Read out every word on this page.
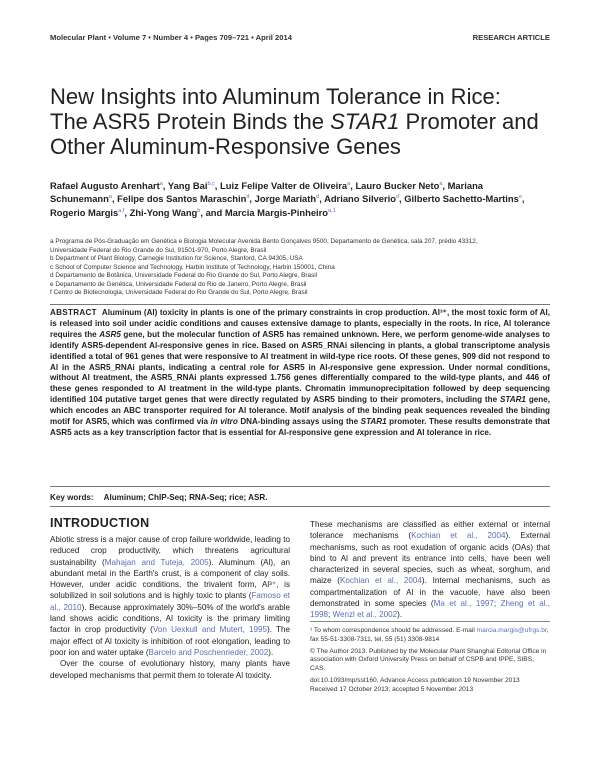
Molecular Plant • Volume 7 • Number 4 • Pages 709–721 • April 2014	RESEARCH ARTICLE
New Insights into Aluminum Tolerance in Rice:
The ASR5 Protein Binds the STAR1 Promoter and
Other Aluminum-Responsive Genes
Rafael Augusto Arenhart$^a$, Yang Bai$^{b,c}$, Luiz Felipe Valter de Oliveira$^a$, Lauro Bucker Neto$^a$, Mariana Schunemann$^a$, Felipe dos Santos Maraschin$^d$, Jorge Mariath$^d$, Adriano Silverio$^d$, Gilberto Sachetto-Martins$^e$, Rogerio Margis$^{a,f}$, Zhi-Yong Wang$^b$, and Marcia Margis-Pinheiro$^{a,1}$
a Programa de Pós-Graduação em Genética e Biologia Molecular Avenida Bento Gonçalves 9500, Departamento de Genética, sala 207, prédio 43312,
Universidade Federal do Rio Grande do Sul, 91501-970, Porto Alegre, Brasil
b Department of Plant Biology, Carnegie Institution for Science, Stanford, CA 94305, USA
c School of Computer Science and Technology, Harbin Institute of Technology, Harbin 150001, China
d Departamento de Botânica, Universidade Federal do Rio Grande do Sul, Porto Alegre, Brasil
e Departamento de Genética, Universidade Federal do Rio de Janeiro, Porto Alegre, Brasil
f Centro de Biotecnologia, Universidade Federal do Rio Grande do Sul, Porto Alegre, Brasil
ABSTRACT Aluminum (Al) toxicity in plants is one of the primary constraints in crop production. Al³⁺, the most toxic form of Al, is released into soil under acidic conditions and causes extensive damage to plants, especially in the roots. In rice, Al tolerance requires the ASR5 gene, but the molecular function of ASR5 has remained unknown. Here, we perform genome-wide analyses to identify ASR5-dependent Al-responsive genes in rice. Based on ASR5_RNAi silencing in plants, a global transcriptome analysis identified a total of 961 genes that were responsive to Al treatment in wild-type rice roots. Of these genes, 909 did not respond to Al in the ASR5_RNAi plants, indicating a central role for ASR5 in Al-responsive gene expression. Under normal conditions, without Al treatment, the ASR5_RNAi plants expressed 1.756 genes differentially compared to the wild-type plants, and 446 of these genes responded to Al treatment in the wild-type plants. Chromatin immunoprecipitation followed by deep sequencing identified 104 putative target genes that were directly regulated by ASR5 binding to their promoters, including the STAR1 gene, which encodes an ABC transporter required for Al tolerance. Motif analysis of the binding peak sequences revealed the binding motif for ASR5, which was confirmed via in vitro DNA-binding assays using the STAR1 promoter. These results demonstrate that ASR5 acts as a key transcription factor that is essential for Al-responsive gene expression and Al tolerance in rice.
Key words: Aluminum; ChIP-Seq; RNA-Seq; rice; ASR.
INTRODUCTION

Abiotic stress is a major cause of crop failure worldwide, leading to reduced crop productivity, which threatens agricultural sustainability (Mahajan and Tuteja, 2005). Aluminum (Al), an abundant metal in the Earth's crust, is a component of clay soils. However, under acidic conditions, the trivalent form, Al³⁺, is solubilized in soil solutions and is highly toxic to plants (Famoso et al., 2010). Because approximately 30%–50% of the world's arable land shows acidic conditions, Al toxicity is the primary limiting factor in crop productivity (Von Uexkull and Mutert, 1995). The major effect of Al toxicity is inhibition of root elongation, leading to poor ion and water uptake (Barcelo and Poschenrieder, 2002).

Over the course of evolutionary history, many plants have developed mechanisms that permit them to tolerate Al toxicity.

These mechanisms are classified as either external or internal tolerance mechanisms (Kochian et al., 2004). External mechanisms, such as root exudation of organic acids (OAs) that bind to Al and prevent its entrance into cells, have been well characterized in several species, such as wheat, sorghum, and maize (Kochian et al., 2004). Internal mechanisms, such as compartmentalization of Al in the vacuole, have also been demonstrated in some species (Ma et al., 1997; Zheng et al., 1998; Wenzl et al., 2002).

¹ To whom correspondence should be addressed. E-mail marcia.margis@ufrgs.br, fax 55-51-3308-7311, tel. 55 (51) 3308-9814

© The Author 2013. Published by the Molecular Plant Shanghai Editorial Office in association with Oxford University Press on behalf of CSPB and IPPE, SIBS, CAS.

doi:10.1093/mp/sst160, Advance Access publication 19 November 2013

Received 17 October 2013; accepted 5 November 2013
